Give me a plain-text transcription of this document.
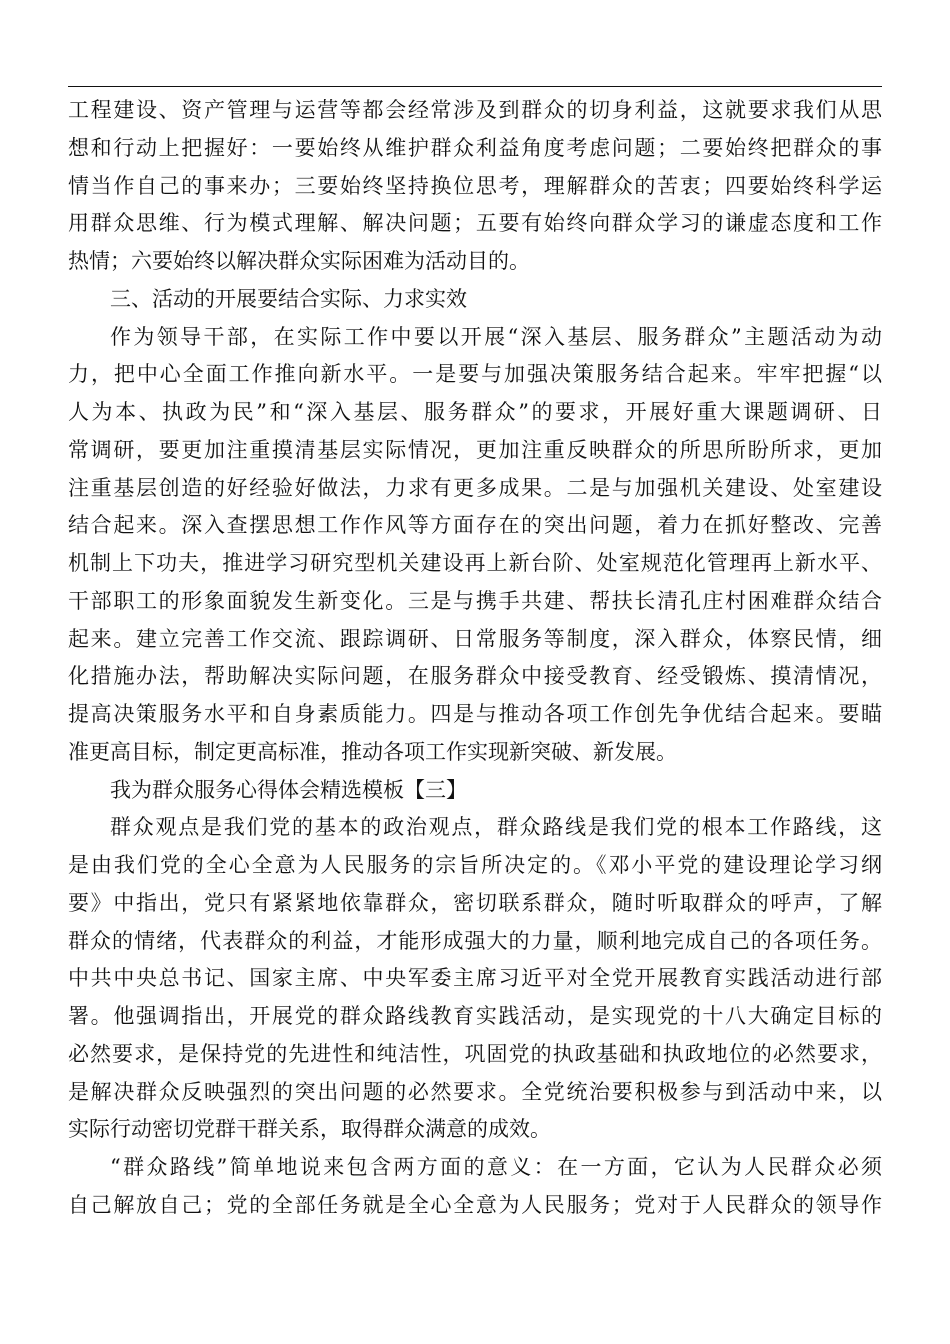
工程建设、资产管理与运营等都会经常涉及到群众的切身利益，这就要求我们从思
想和行动上把握好：一要始终从维护群众利益角度考虑问题；二要始终把群众的事
情当作自己的事来办；三要始终坚持换位思考，理解群众的苦衷；四要始终科学运
用群众思维、行为模式理解、解决问题；五要有始终向群众学习的谦虚态度和工作
热情；六要始终以解决群众实际困难为活动目的。
三、活动的开展要结合实际、力求实效
作为领导干部，在实际工作中要以开展“深入基层、服务群众”主题活动为动
力，把中心全面工作推向新水平。一是要与加强决策服务结合起来。牢牢把握“以
人为本、执政为民”和“深入基层、服务群众”的要求，开展好重大课题调研、日
常调研，要更加注重摸清基层实际情况，更加注重反映群众的所思所盼所求，更加
注重基层创造的好经验好做法，力求有更多成果。二是与加强机关建设、处室建设
结合起来。深入查摆思想工作作风等方面存在的突出问题，着力在抓好整改、完善
机制上下功夫，推进学习研究型机关建设再上新台阶、处室规范化管理再上新水平、
干部职工的形象面貌发生新变化。三是与携手共建、帮扶长清孔庄村困难群众结合
起来。建立完善工作交流、跟踪调研、日常服务等制度，深入群众，体察民情，细
化措施办法，帮助解决实际问题，在服务群众中接受教育、经受锻炼、摸清情况，
提高决策服务水平和自身素质能力。四是与推动各项工作创先争优结合起来。要瞄
准更高目标，制定更高标准，推动各项工作实现新突破、新发展。
我为群众服务心得体会精选模板【三】
群众观点是我们党的基本的政治观点，群众路线是我们党的根本工作路线，这
是由我们党的全心全意为人民服务的宗旨所决定的。《邓小平党的建设理论学习纲
要》中指出，党只有紧紧地依靠群众，密切联系群众，随时听取群众的呼声，了解
群众的情绪，代表群众的利益，才能形成强大的力量，顺利地完成自己的各项任务。
中共中央总书记、国家主席、中央军委主席习近平对全党开展教育实践活动进行部
署。他强调指出，开展党的群众路线教育实践活动，是实现党的十八大确定目标的
必然要求，是保持党的先进性和纯洁性，巩固党的执政基础和执政地位的必然要求，
是解决群众反映强烈的突出问题的必然要求。全党统治要积极参与到活动中来，以
实际行动密切党群干群关系，取得群众满意的成效。
“群众路线”简单地说来包含两方面的意义：在一方面，它认为人民群众必须
自己解放自己；党的全部任务就是全心全意为人民服务；党对于人民群众的领导作
